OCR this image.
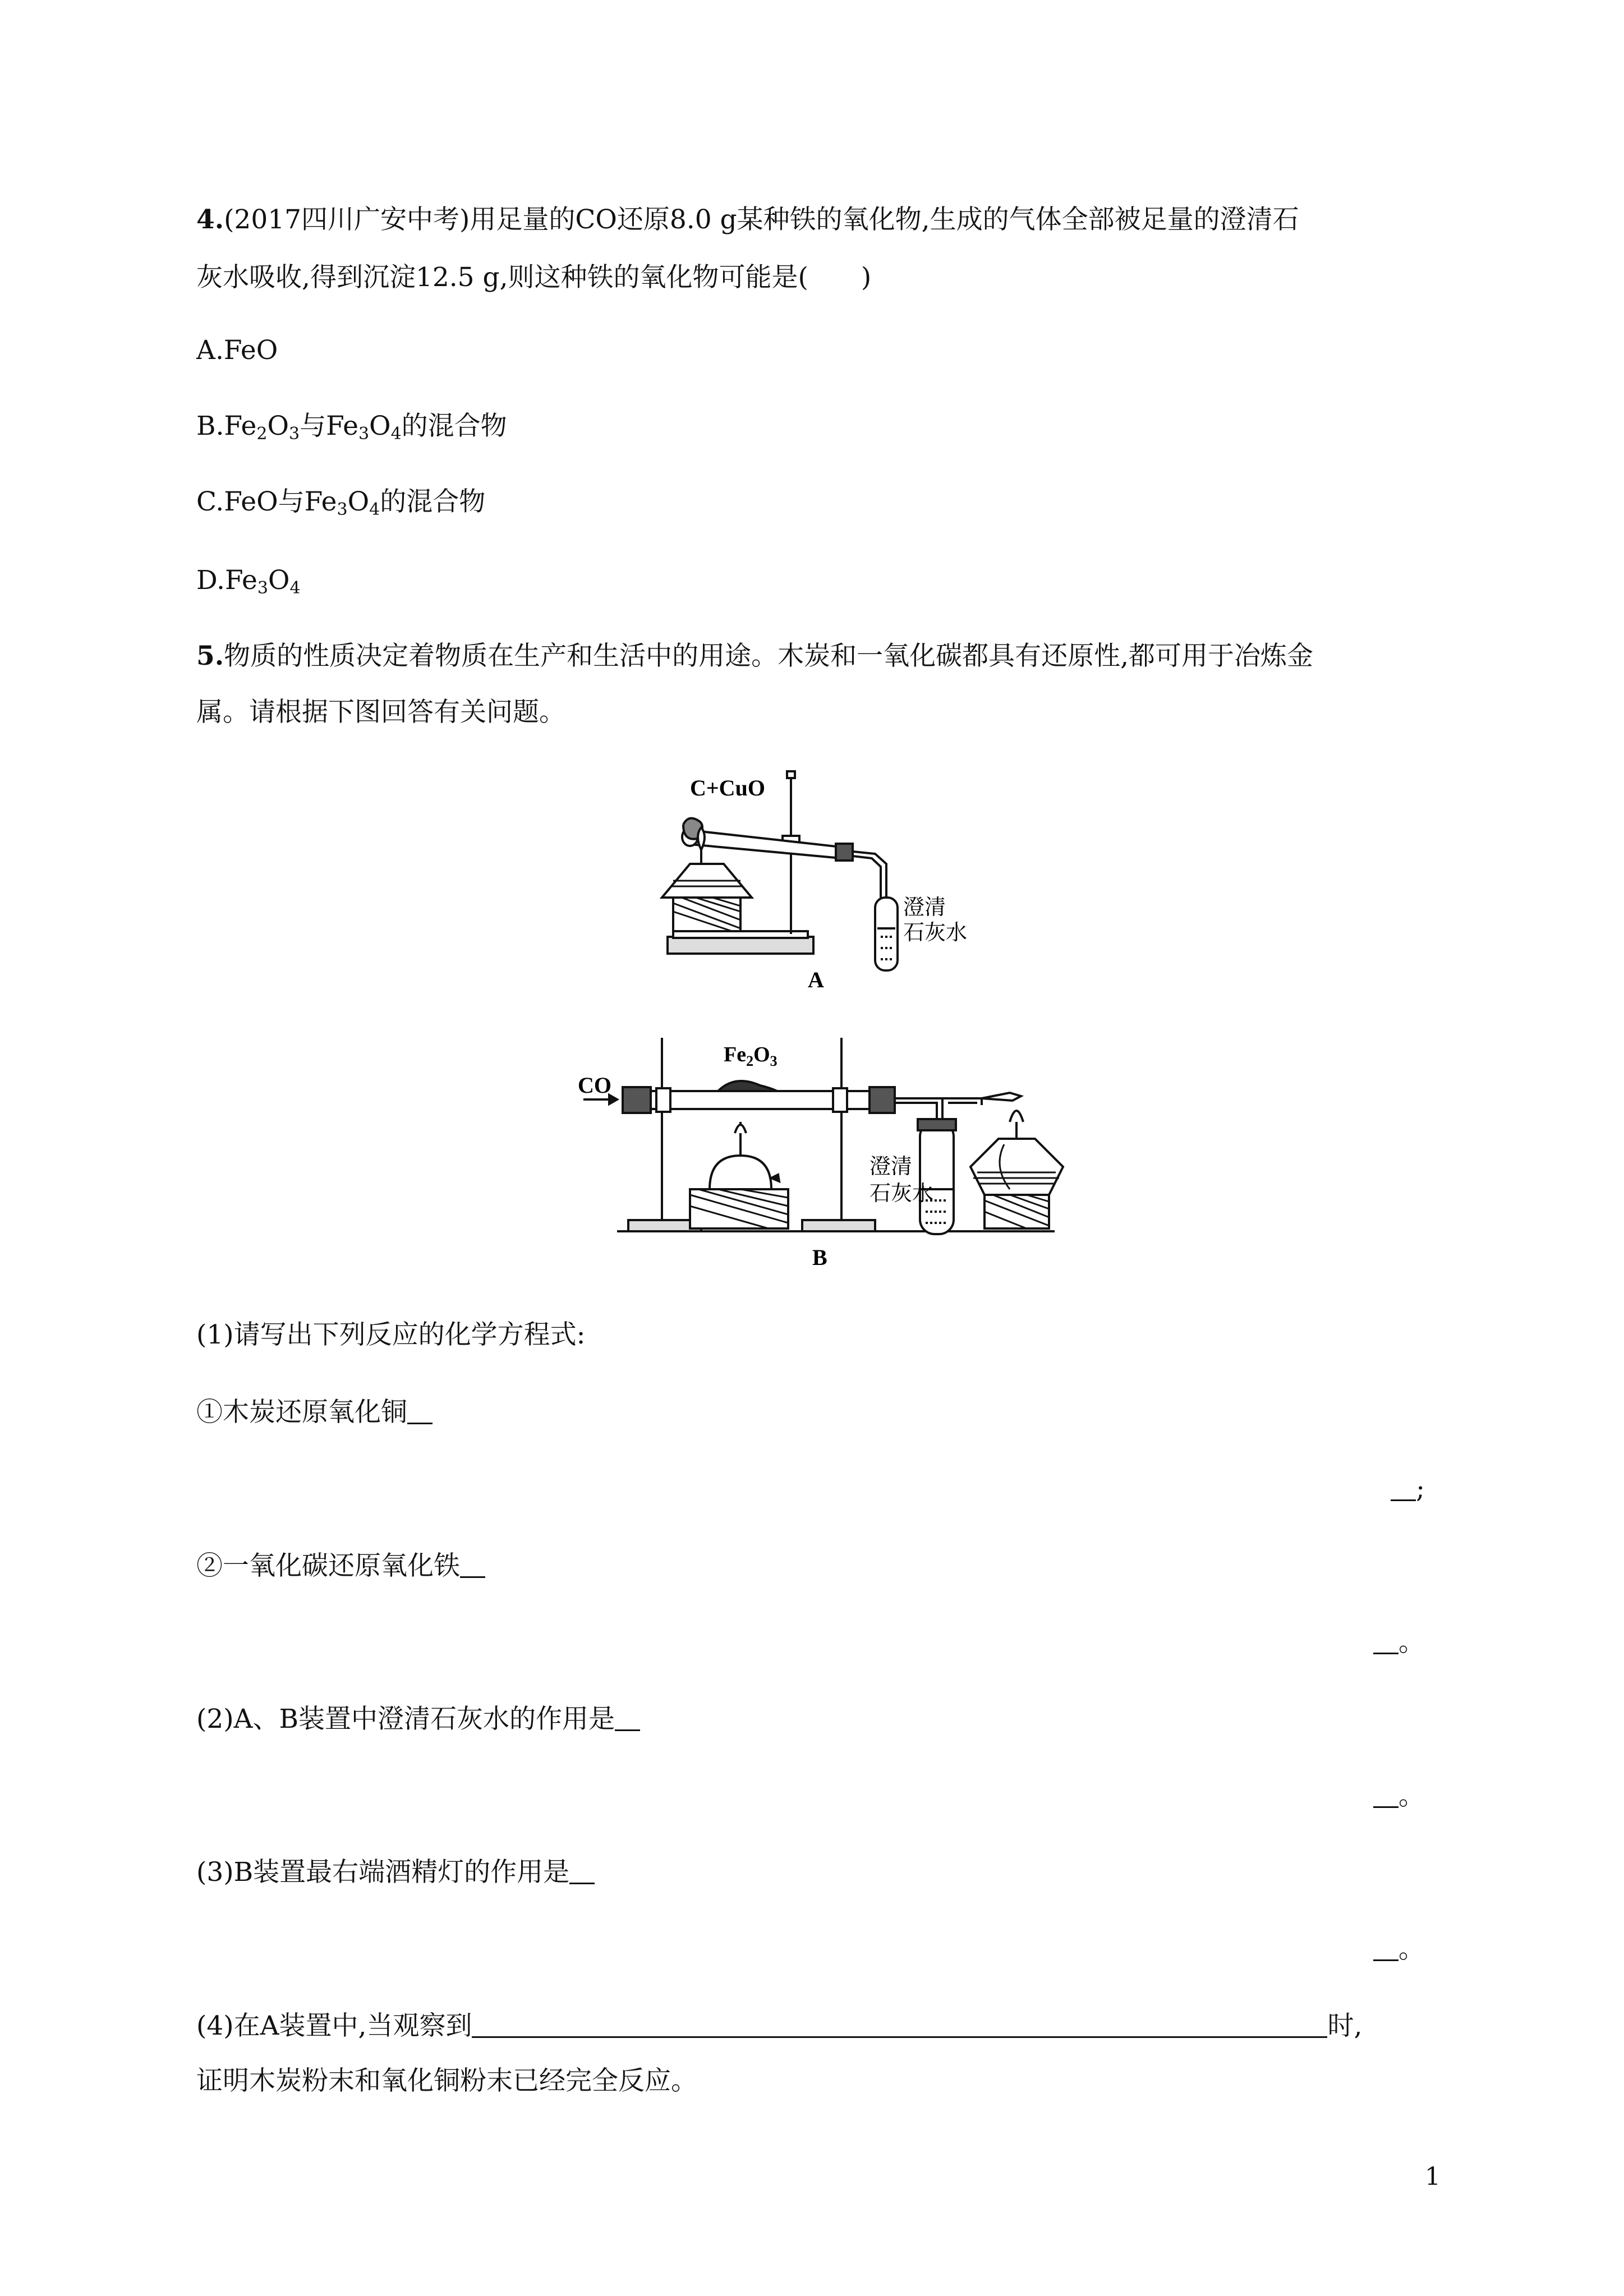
4.(2017四川广安中考)用足量的CO还原8.0 g某种铁的氧化物,生成的气体全部被足量的澄清石
灰水吸收,得到沉淀12.5 g,则这种铁的氧化物可能是(　　)
A.FeO
$B.Fe_2O_3$与$Fe_3O_4$的混合物
C.FeO与$Fe_3O_4$的混合物
$D.Fe_3O_4$
5.物质的性质决定着物质在生产和生活中的用途。木炭和一氧化碳都具有还原性,都可用于冶炼金
属。请根据下图回答有关问题。
C+CuO
澄清
石灰水
A
CO
$Fe_2O_3$
澄清
石灰水
B
(1)请写出下列反应的化学方程式:
①木炭还原氧化铜
;
②一氧化碳还原氧化铁
。
(2)A、B装置中澄清石灰水的作用是
。
(3)B装置最右端酒精灯的作用是
。
(4)在A装置中,当观察到	时,
证明木炭粉末和氧化铜粉末已经完全反应。
1
